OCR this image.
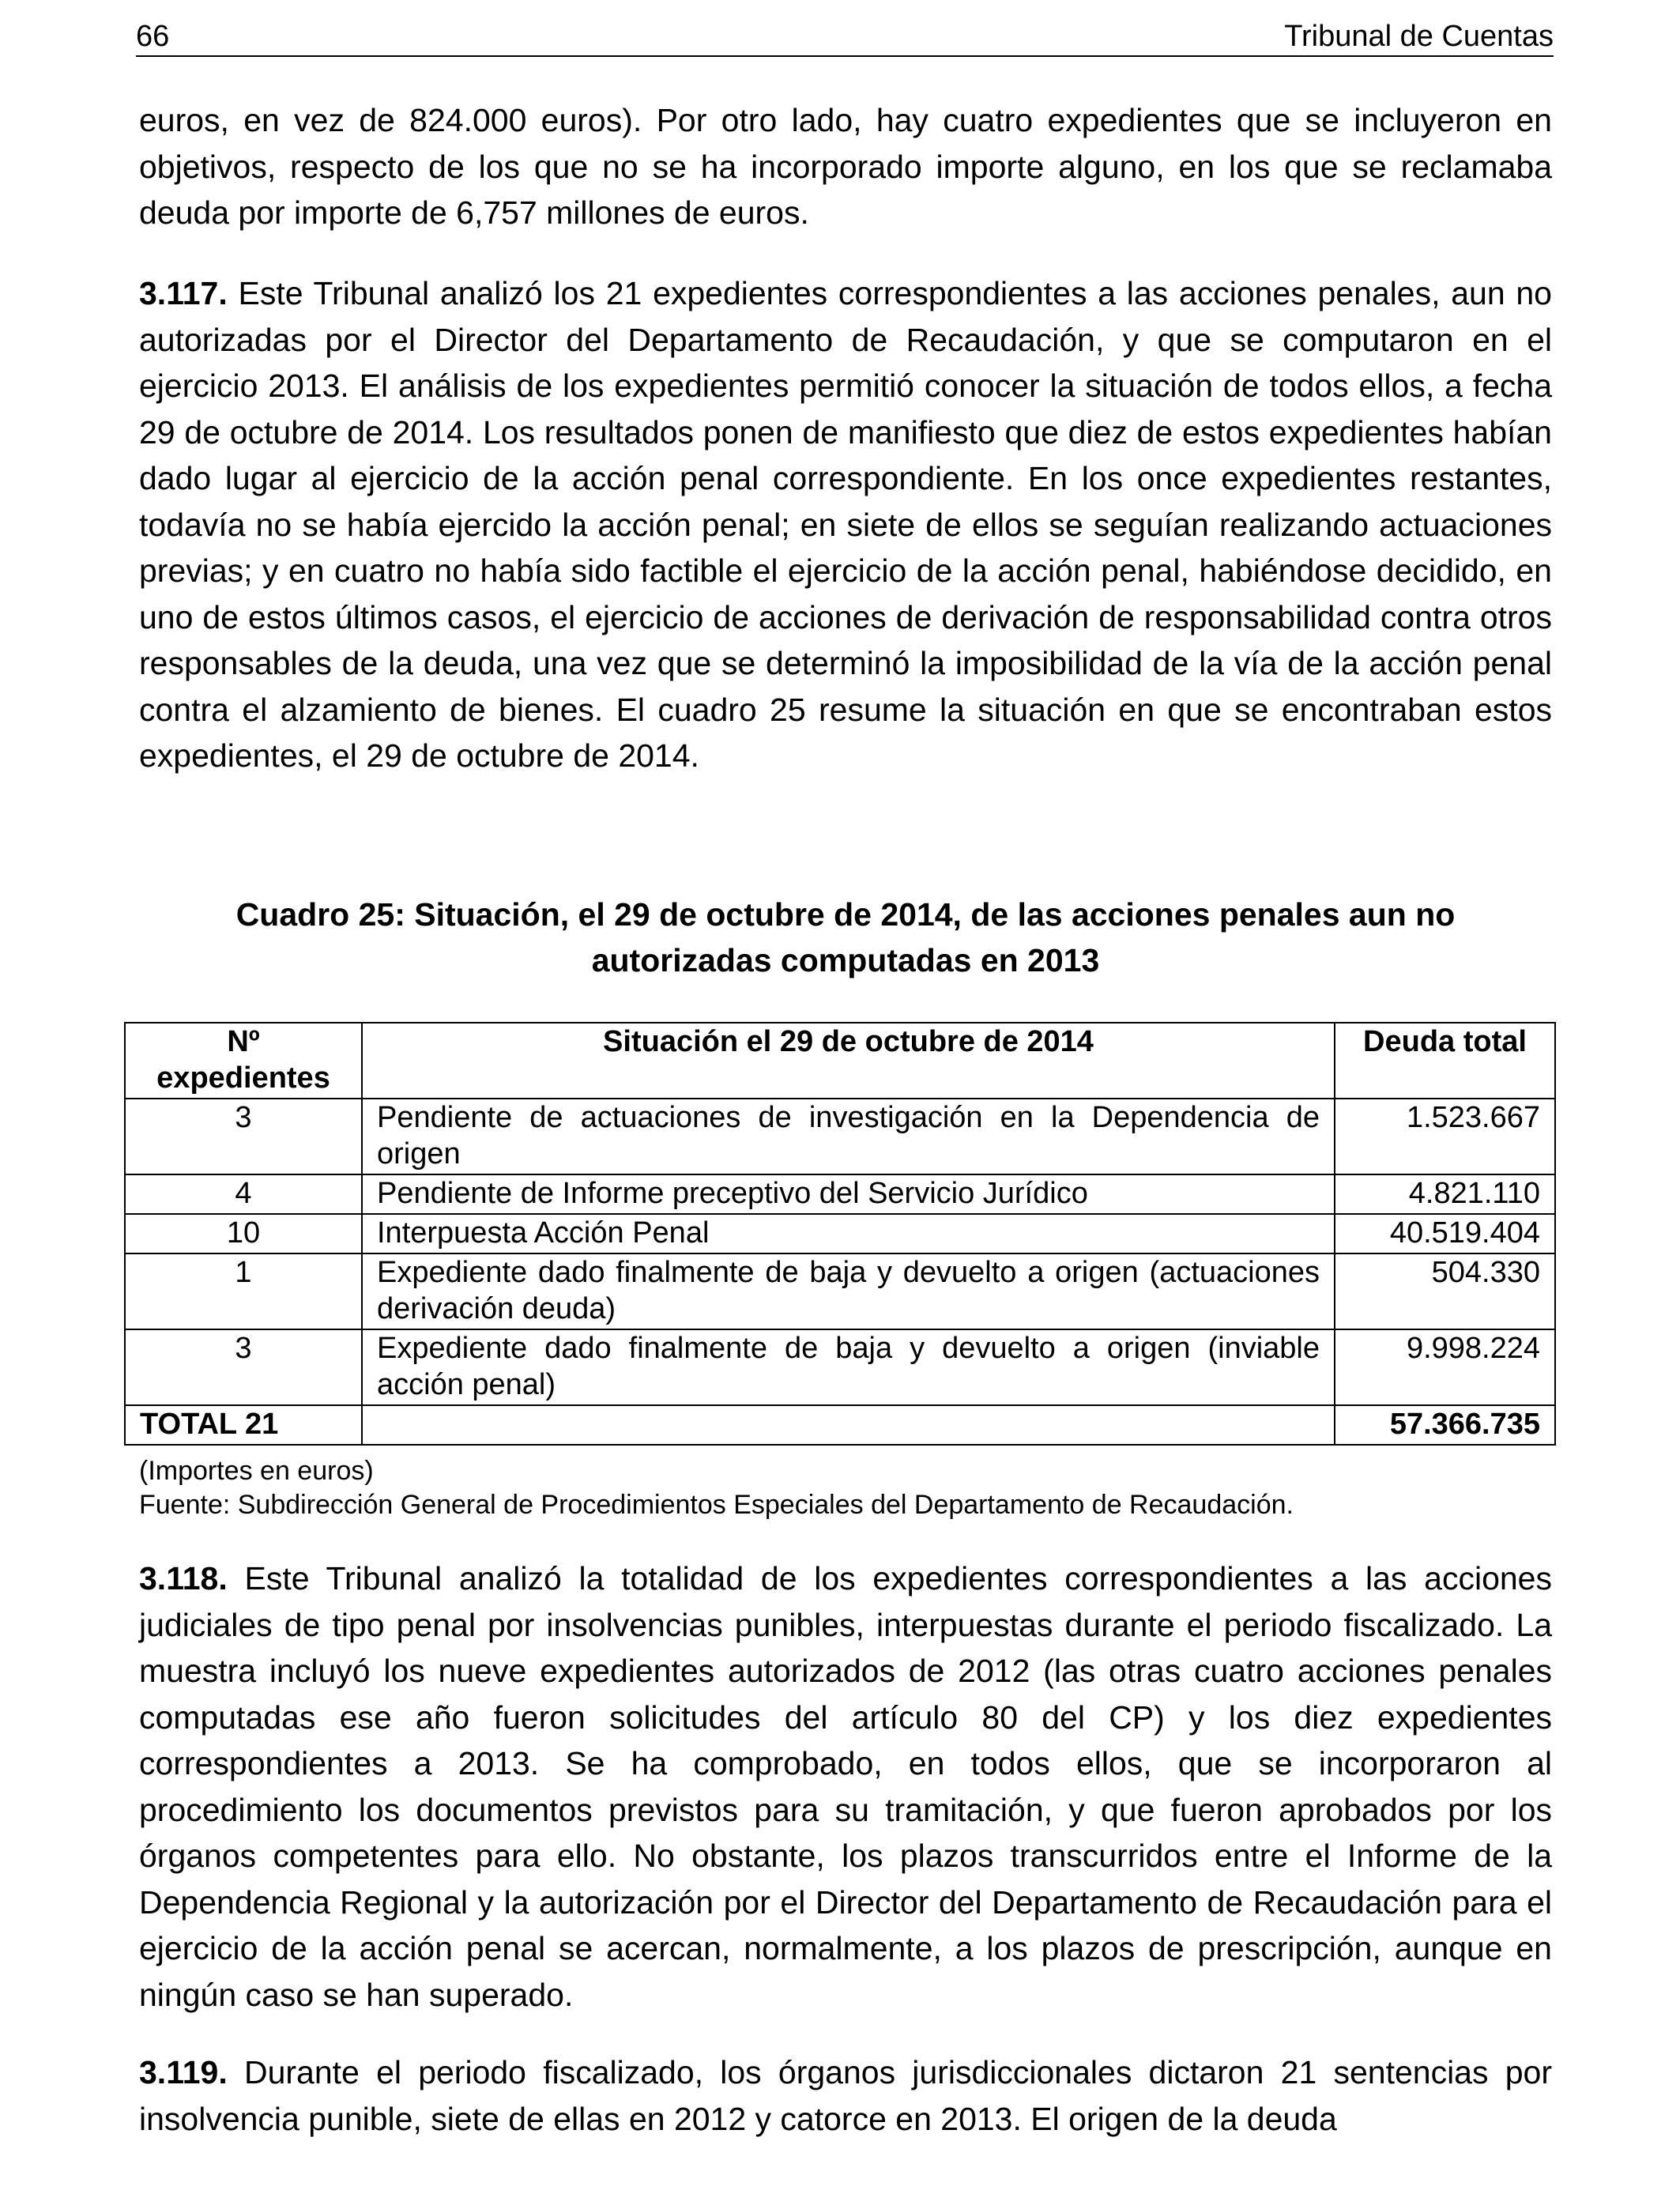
66	Tribunal de Cuentas

euros, en vez de 824.000 euros). Por otro lado, hay cuatro expedientes que se incluyeron en objetivos, respecto de los que no se ha incorporado importe alguno, en los que se reclamaba deuda por importe de 6,757 millones de euros.

3.117. Este Tribunal analizó los 21 expedientes correspondientes a las acciones penales, aun no autorizadas por el Director del Departamento de Recaudación, y que se computaron en el ejercicio 2013. El análisis de los expedientes permitió conocer la situación de todos ellos, a fecha 29 de octubre de 2014. Los resultados ponen de manifiesto que diez de estos expedientes habían dado lugar al ejercicio de la acción penal correspondiente. En los once expedientes restantes, todavía no se había ejercido la acción penal; en siete de ellos se seguían realizando actuaciones previas; y en cuatro no había sido factible el ejercicio de la acción penal, habiéndose decidido, en uno de estos últimos casos, el ejercicio de acciones de derivación de responsabilidad contra otros responsables de la deuda, una vez que se determinó la imposibilidad de la vía de la acción penal contra el alzamiento de bienes. El cuadro 25 resume la situación en que se encontraban estos expedientes, el 29 de octubre de 2014.

Cuadro 25: Situación, el 29 de octubre de 2014, de las acciones penales aun no
autorizadas computadas en 2013
Nº expedientes	Situación el 29 de octubre de 2014	Deuda total
3	Pendiente de actuaciones de investigación en la Dependencia de origen	1.523.667
4	Pendiente de Informe preceptivo del Servicio Jurídico	4.821.110
10	Interpuesta Acción Penal	40.519.404
1	Expediente dado finalmente de baja y devuelto a origen (actuaciones derivación deuda)	504.330
3	Expediente dado finalmente de baja y devuelto a origen (inviable acción penal)	9.998.224
TOTAL 21		57.366.735
(Importes en euros)
Fuente: Subdirección General de Procedimientos Especiales del Departamento de Recaudación.

3.118. Este Tribunal analizó la totalidad de los expedientes correspondientes a las acciones judiciales de tipo penal por insolvencias punibles, interpuestas durante el periodo fiscalizado. La muestra incluyó los nueve expedientes autorizados de 2012 (las otras cuatro acciones penales computadas ese año fueron solicitudes del artículo 80 del CP) y los diez expedientes correspondientes a 2013. Se ha comprobado, en todos ellos, que se incorporaron al procedimiento los documentos previstos para su tramitación, y que fueron aprobados por los órganos competentes para ello. No obstante, los plazos transcurridos entre el Informe de la Dependencia Regional y la autorización por el Director del Departamento de Recaudación para el ejercicio de la acción penal se acercan, normalmente, a los plazos de prescripción, aunque en ningún caso se han superado.

3.119. Durante el periodo fiscalizado, los órganos jurisdiccionales dictaron 21 sentencias por insolvencia punible, siete de ellas en 2012 y catorce en 2013. El origen de la deuda
